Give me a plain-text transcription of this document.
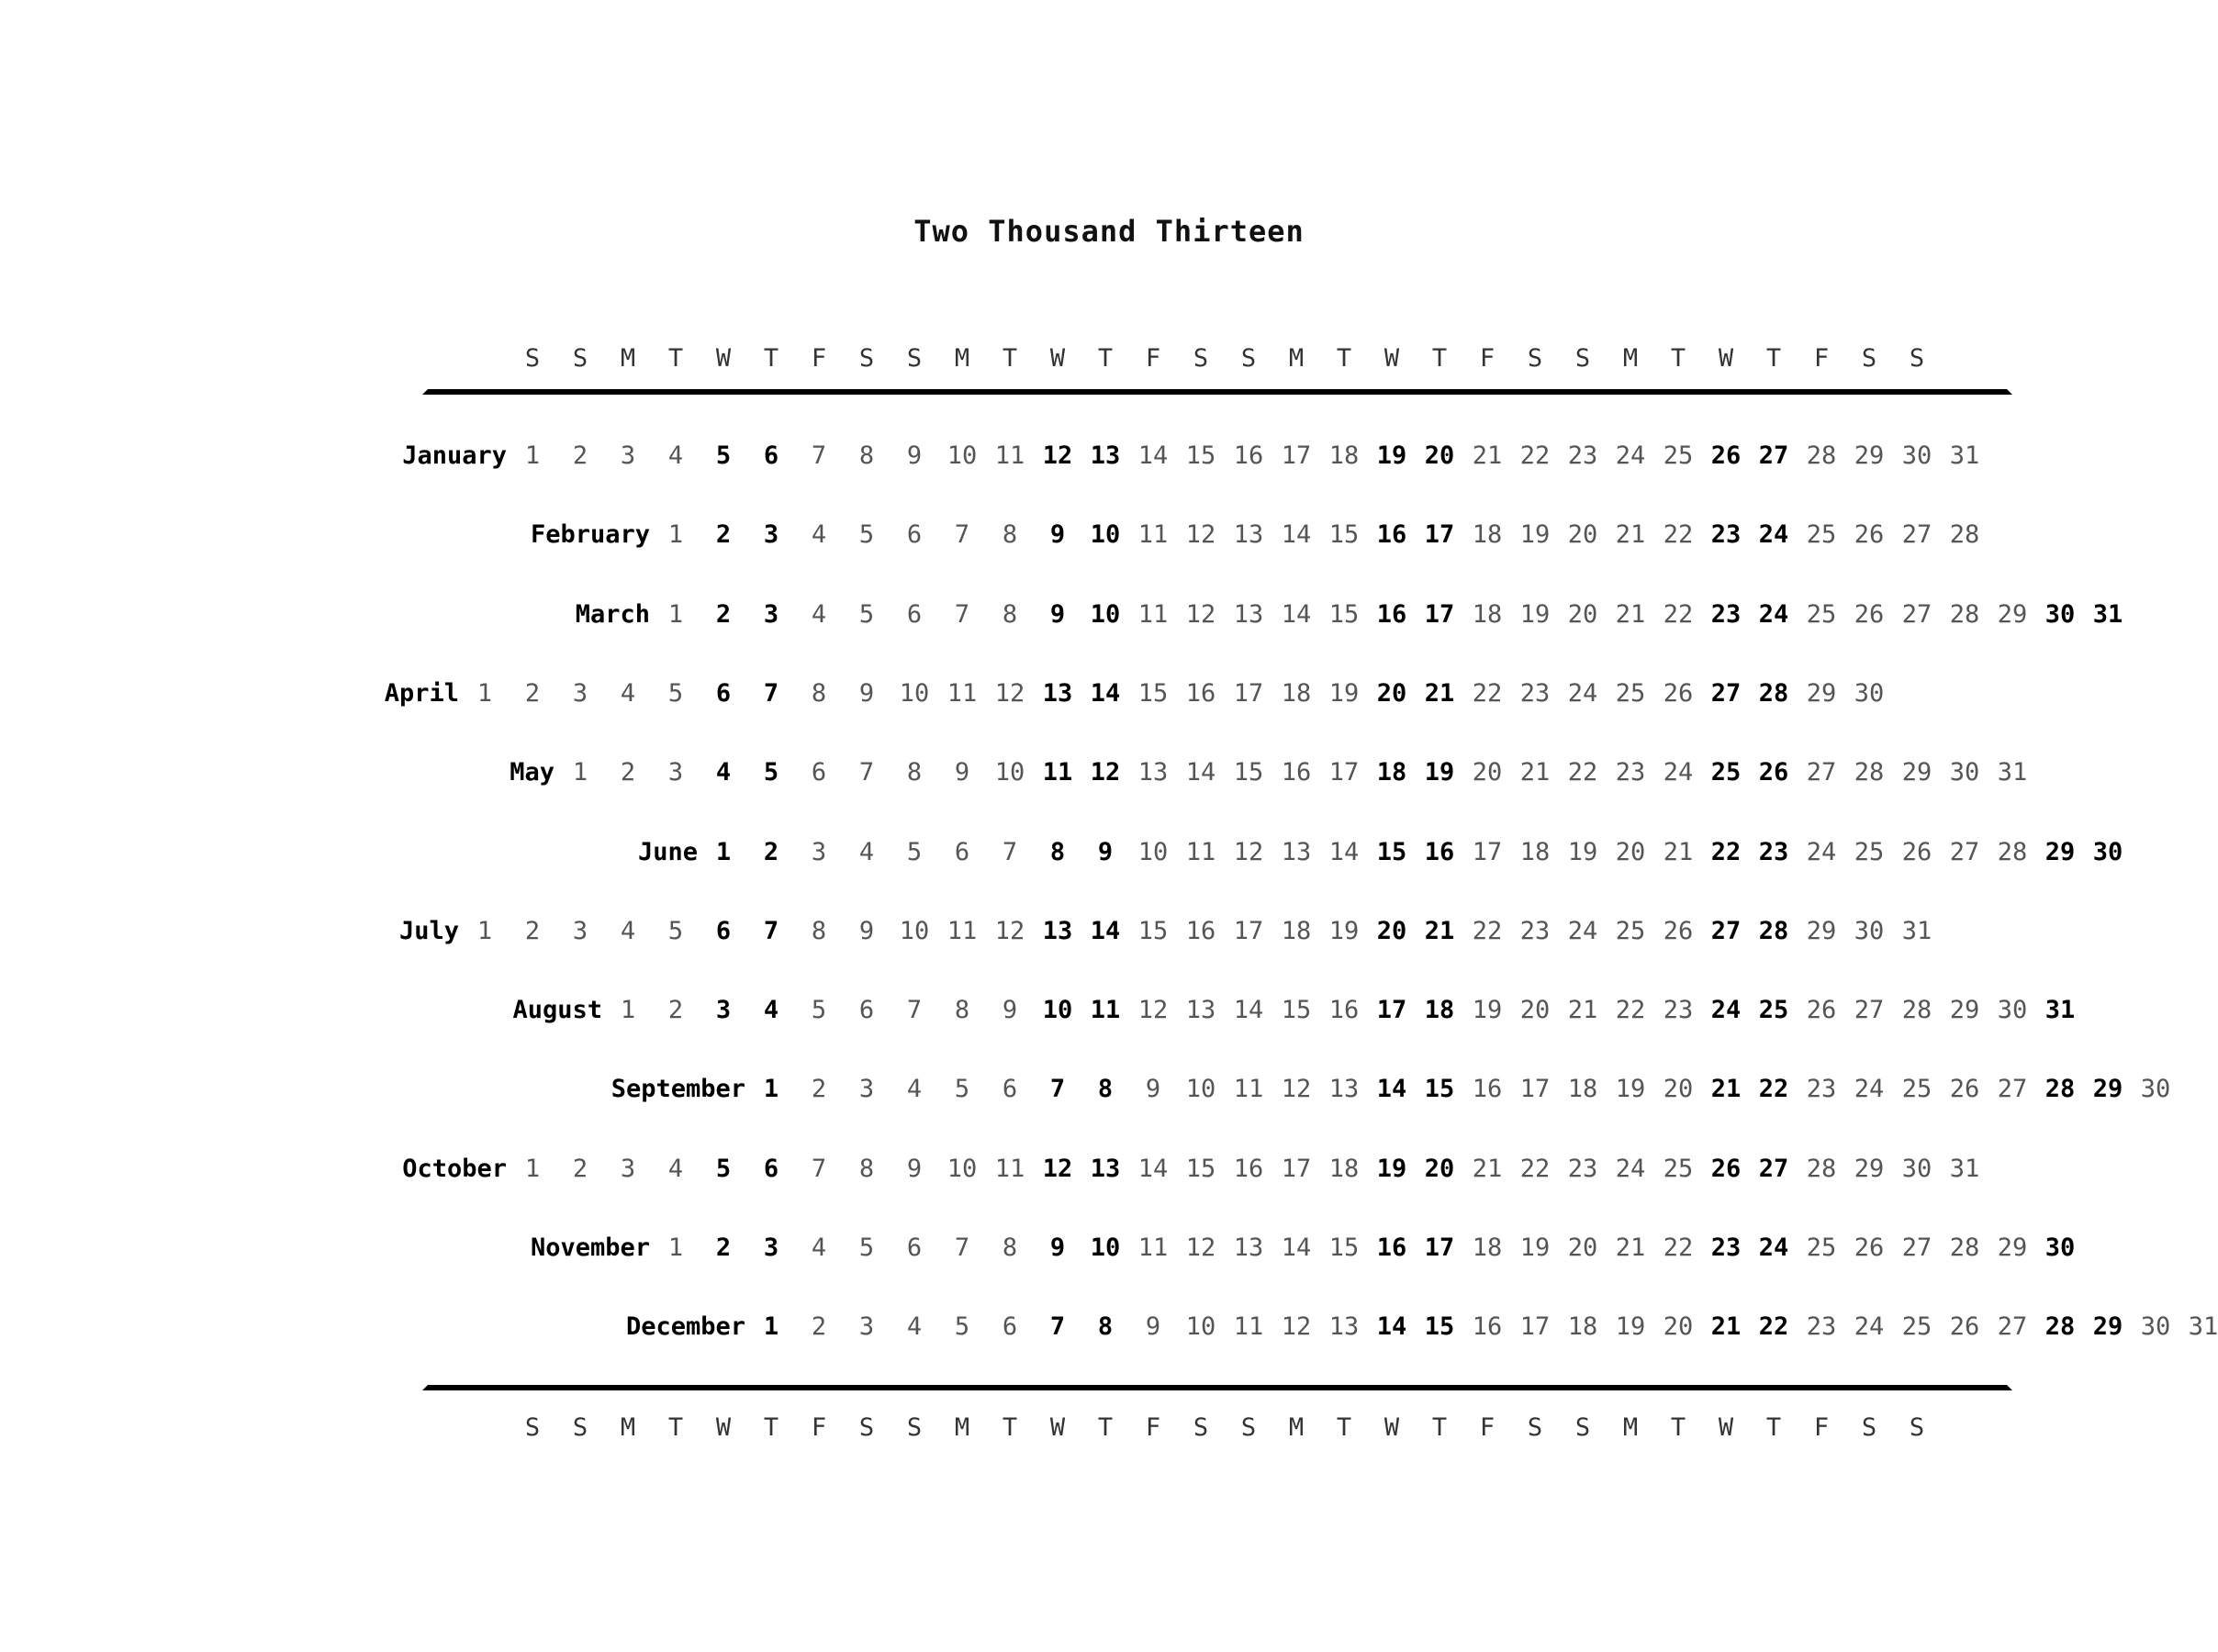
Two Thousand Thirteen
S S M T W T F S S M T W T F S S M T W T F S S M T W T F S S
January 1 2 3 4 5 6 7 8 9 10 11 12 13 14 15 16 17 18 19 20 21 22 23 24 25 26 27 28 29 30 31
February 1 2 3 4 5 6 7 8 9 10 11 12 13 14 15 16 17 18 19 20 21 22 23 24 25 26 27 28
March 1 2 3 4 5 6 7 8 9 10 11 12 13 14 15 16 17 18 19 20 21 22 23 24 25 26 27 28 29 30 31
April 1 2 3 4 5 6 7 8 9 10 11 12 13 14 15 16 17 18 19 20 21 22 23 24 25 26 27 28 29 30
May 1 2 3 4 5 6 7 8 9 10 11 12 13 14 15 16 17 18 19 20 21 22 23 24 25 26 27 28 29 30 31
June 1 2 3 4 5 6 7 8 9 10 11 12 13 14 15 16 17 18 19 20 21 22 23 24 25 26 27 28 29 30
July 1 2 3 4 5 6 7 8 9 10 11 12 13 14 15 16 17 18 19 20 21 22 23 24 25 26 27 28 29 30 31
August 1 2 3 4 5 6 7 8 9 10 11 12 13 14 15 16 17 18 19 20 21 22 23 24 25 26 27 28 29 30 31
September 1 2 3 4 5 6 7 8 9 10 11 12 13 14 15 16 17 18 19 20 21 22 23 24 25 26 27 28 29 30
October 1 2 3 4 5 6 7 8 9 10 11 12 13 14 15 16 17 18 19 20 21 22 23 24 25 26 27 28 29 30 31
November 1 2 3 4 5 6 7 8 9 10 11 12 13 14 15 16 17 18 19 20 21 22 23 24 25 26 27 28 29 30
December 1 2 3 4 5 6 7 8 9 10 11 12 13 14 15 16 17 18 19 20 21 22 23 24 25 26 27 28 29 30 31
S S M T W T F S S M T W T F S S M T W T F S S M T W T F S S
